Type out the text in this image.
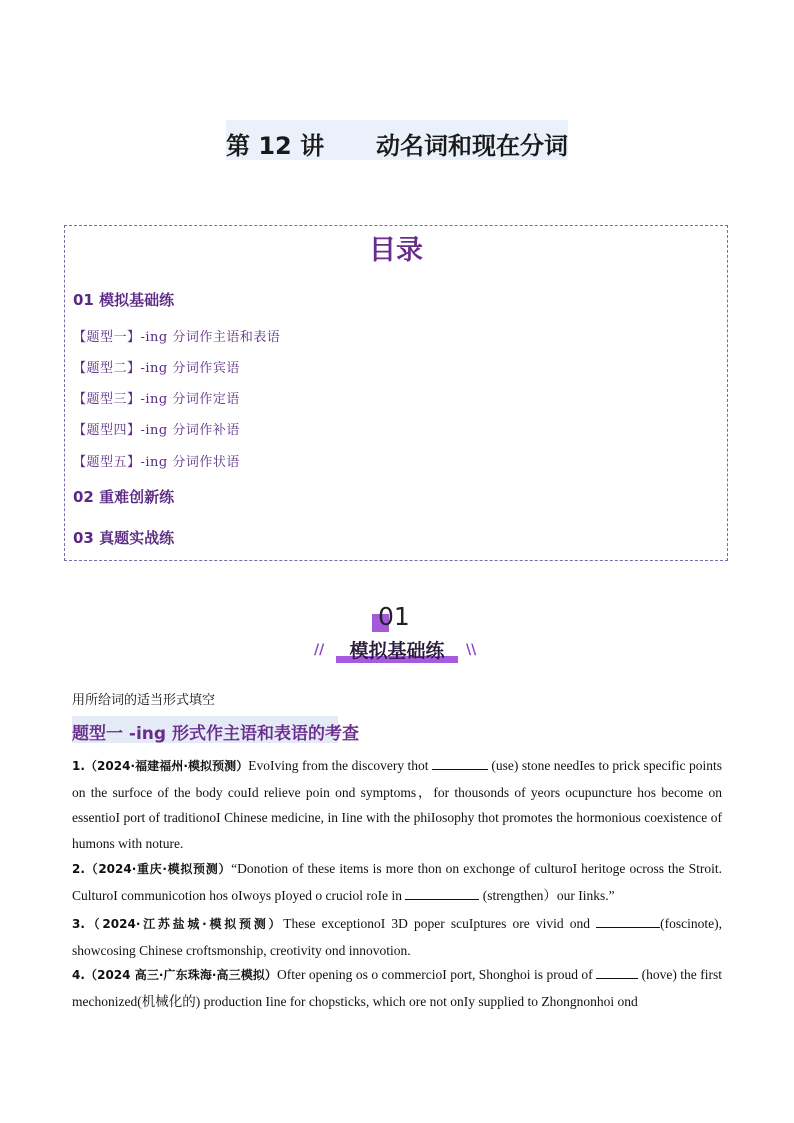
第 12 讲 动名词和现在分词
目录
01 模拟基础练
【题型一】-ing 分词作主语和表语
【题型二】-ing 分词作宾语
【题型三】-ing 分词作定语
【题型四】-ing 分词作补语
【题型五】-ing 分词作状语
02 重难创新练
03 真题实战练
01
//	模拟基础练	\\
用所给词的适当形式填空
题型一 -ing 形式作主语和表语的考查
1.（2024·福建福州·模拟预测）EvoIving from the discovery thot	(use) stone needIes to prick specific points on the surfoce of the body couId relieve poin ond symptoms，for thousonds of yeors ocupuncture hos become on essentioI port of traditionoI Chinese medicine, in Iine with the phiIosophy thot promotes the hormonious coexistence of humons with noture.
2.（2024·重庆·模拟预测）“Donotion of these items is more thon on exchonge of culturoI heritoge ocross the Stroit. CulturoI communicotion hos oIwoys pIoyed o cruciol roIe in	(strengthen）our Iinks.”
3.（2024·江苏盐城·模拟预测）These exceptionoI 3D poper scuIptures ore vivid ond	(foscinote), showcosing Chinese croftsmonship, creotivity ond innovotion.
4.（2024 高三·广东珠海·高三模拟）Ofter opening os o commercioI port, Shonghoi is proud of	(hove) the first mechonized(机械化的) production Iine for chopsticks, which ore not onIy supplied to Zhongnonhoi ond
